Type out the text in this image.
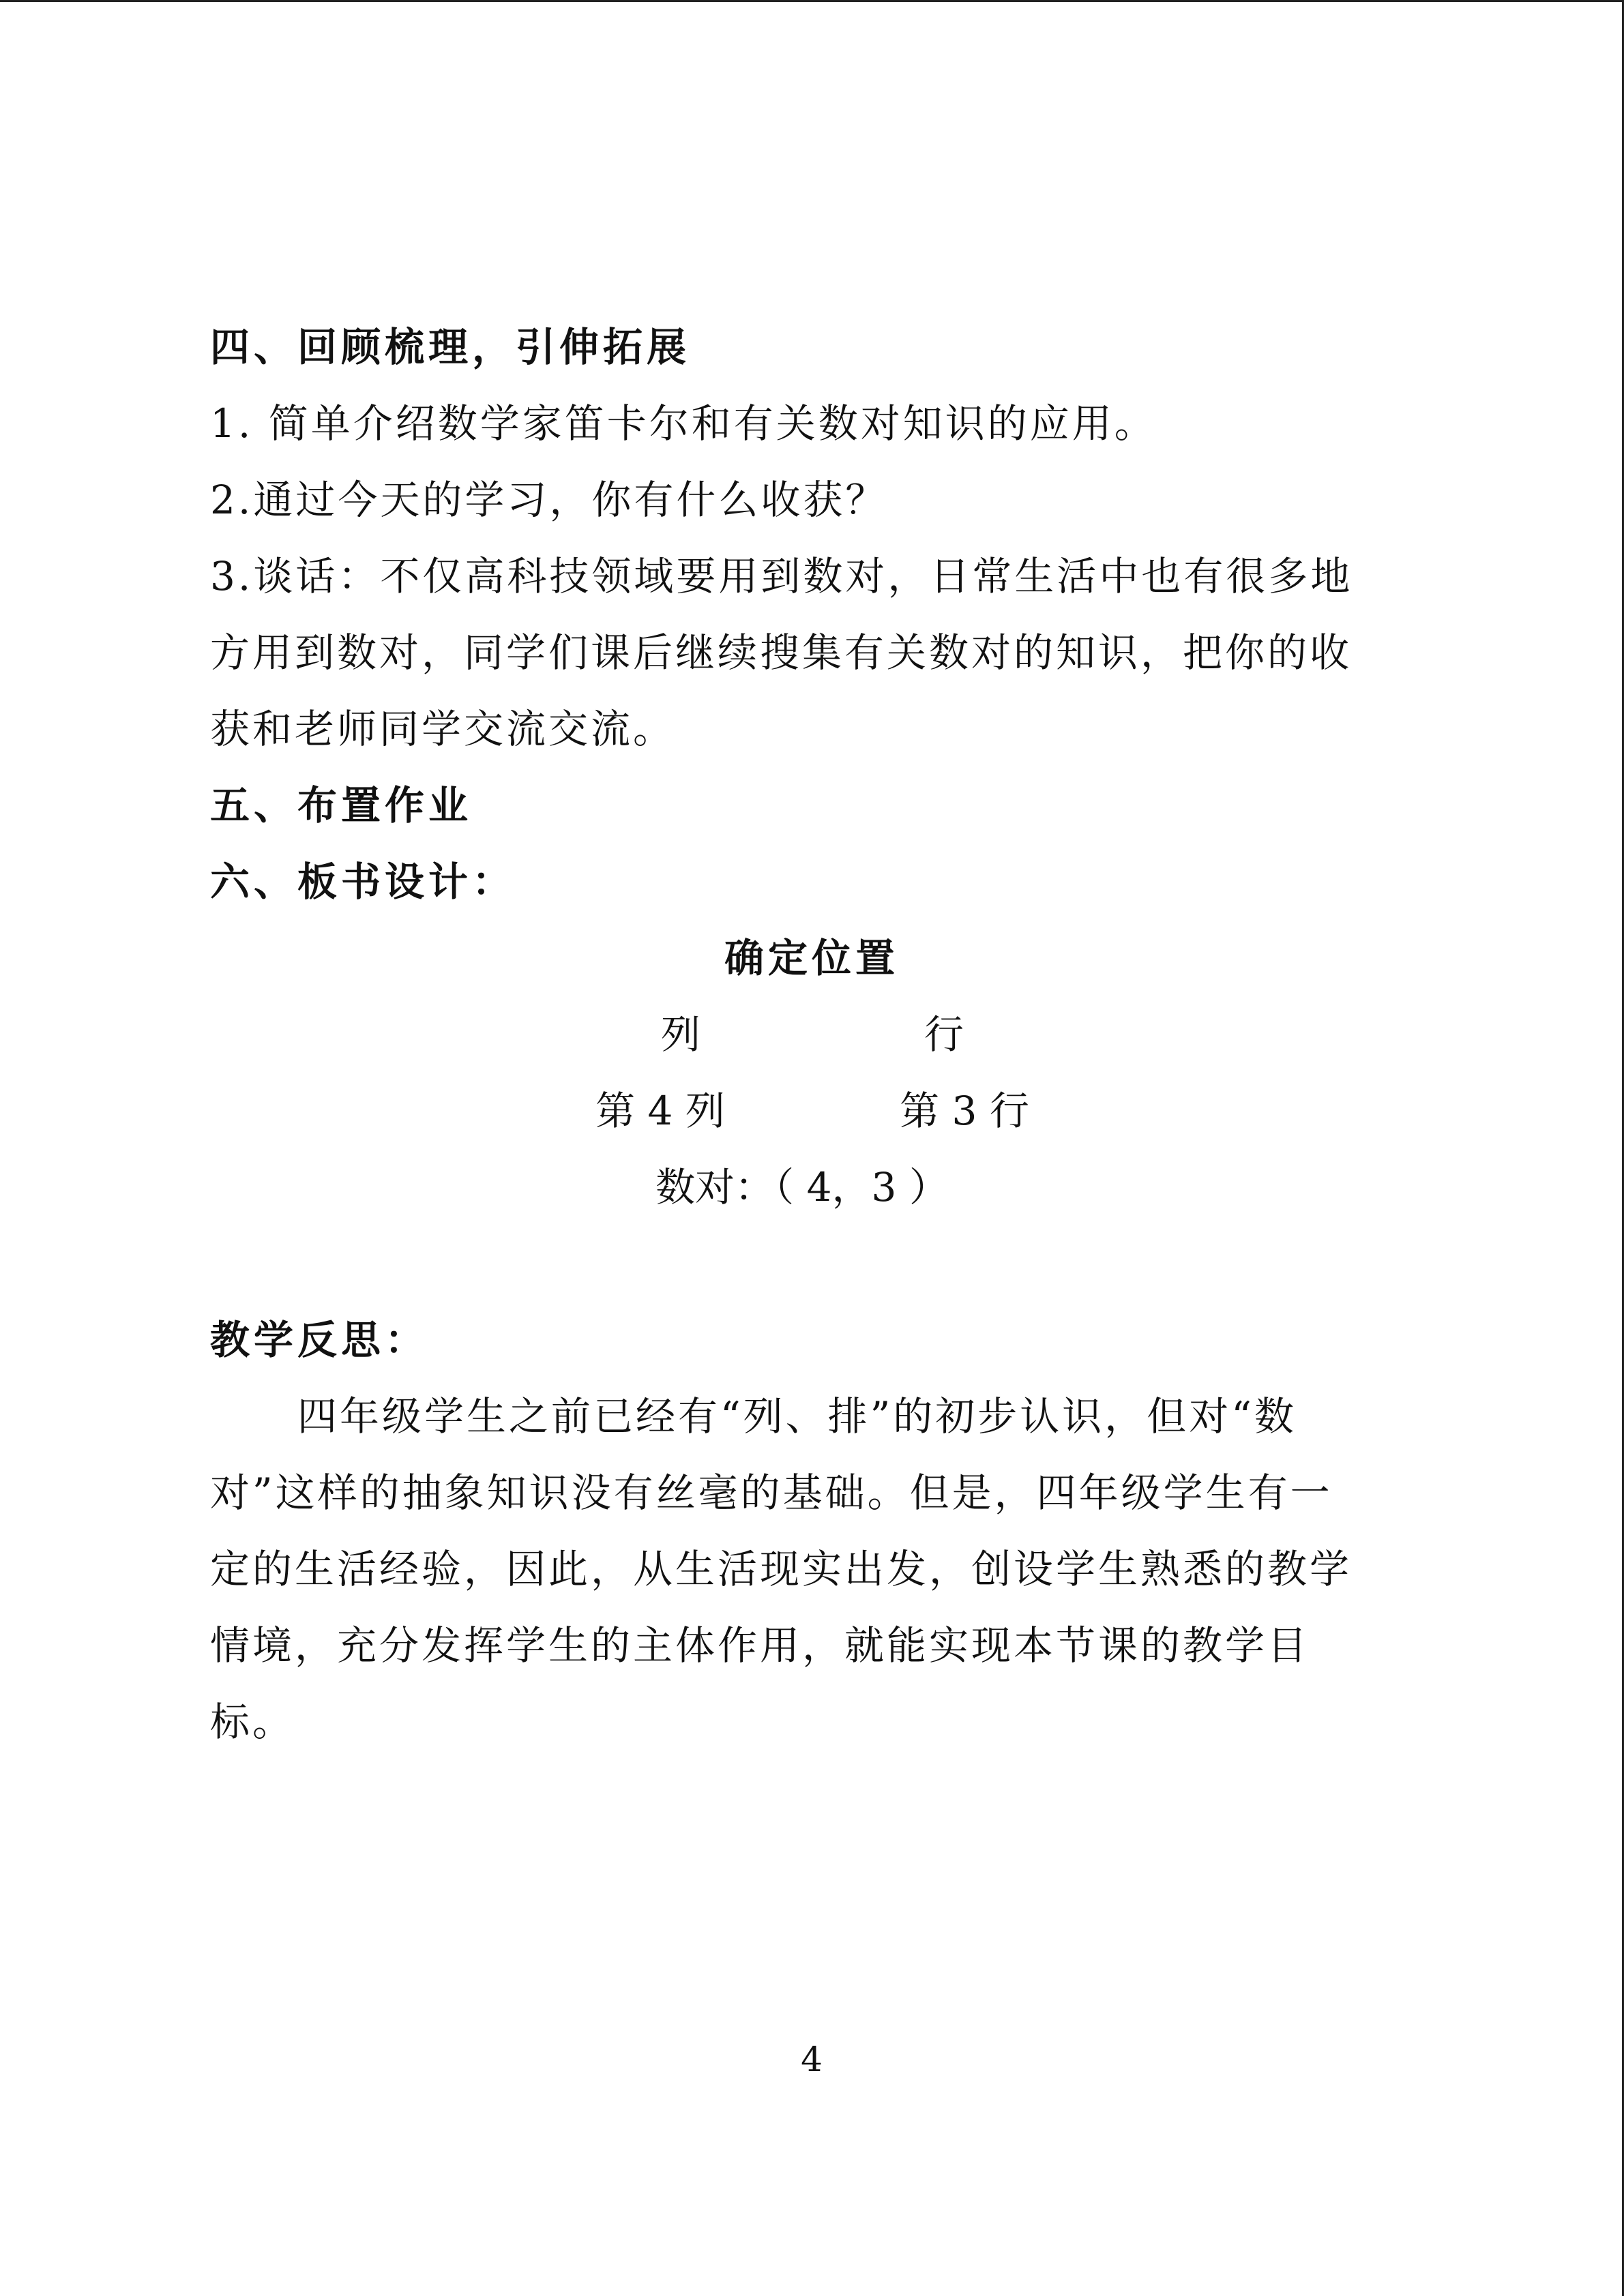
四、回顾梳理，引伸拓展
1. 简单介绍数学家笛卡尔和有关数对知识的应用。
2.通过今天的学习，你有什么收获？
3.谈话：不仅高科技领域要用到数对，日常生活中也有很多地
方用到数对，同学们课后继续搜集有关数对的知识，把你的收
获和老师同学交流交流。
五、布置作业
六、板书设计：
确定位置
列	行
第 4 列	第 3 行
数对：（ 4，3 ）
教学反思：
四年级学生之前已经有“列、排”的初步认识，但对“数
对”这样的抽象知识没有丝毫的基础。但是，四年级学生有一
定的生活经验，因此，从生活现实出发，创设学生熟悉的教学
情境，充分发挥学生的主体作用，就能实现本节课的教学目
标。
4
